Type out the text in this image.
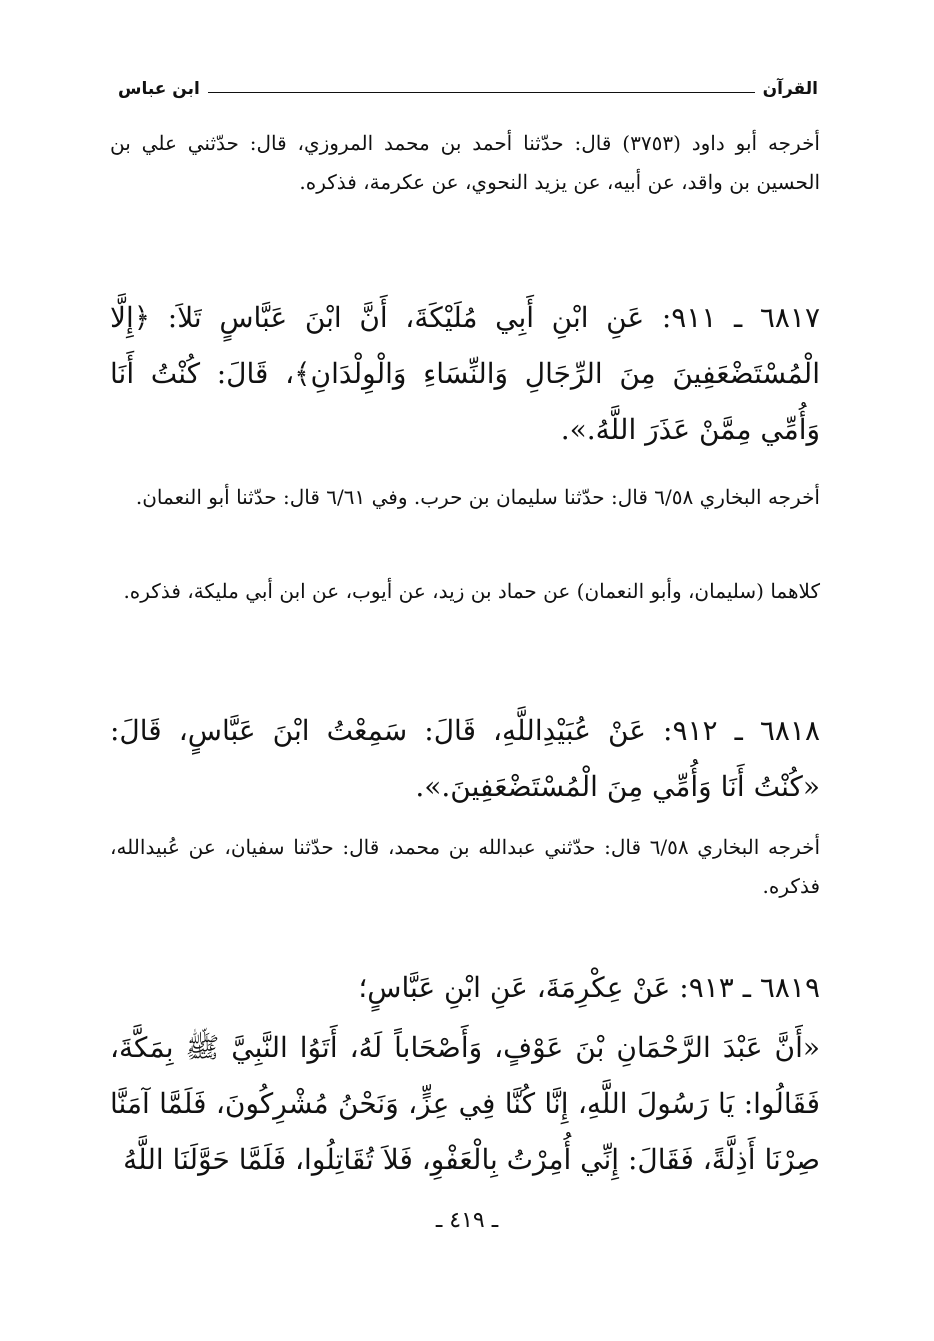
القرآن
ابن عباس
أخرجه أبو داود (٣٧٥٣) قال: حدّثنا أحمد بن محمد المروزي، قال: حدّثني علي بن الحسين بن واقد، عن أبيه، عن يزيد النحوي، عن عكرمة، فذكره.
٦٨١٧ ـ ٩١١: عَنِ ابْنِ أَبِي مُلَيْكَةَ، أَنَّ ابْنَ عَبَّاسٍ تَلاَ: ﴿إِلَّا الْمُسْتَضْعَفِينَ مِنَ الرِّجَالِ وَالنِّسَاءِ وَالْوِلْدَانِ﴾، قَالَ: كُنْتُ أَنَا وَأُمِّي مِمَّنْ عَذَرَ اللَّهُ.».
أخرجه البخاري ٦/٥٨ قال: حدّثنا سليمان بن حرب. وفي ٦/٦١ قال: حدّثنا أبو النعمان.
كلاهما (سليمان، وأبو النعمان) عن حماد بن زيد، عن أيوب، عن ابن أبي مليكة، فذكره.
٦٨١٨ ـ ٩١٢: عَنْ عُبَيْدِاللَّهِ، قَالَ: سَمِعْتُ ابْنَ عَبَّاسٍ، قَالَ: «كُنْتُ أَنَا وَأُمِّي مِنَ الْمُسْتَضْعَفِينَ.».
أخرجه البخاري ٦/٥٨ قال: حدّثني عبدالله بن محمد، قال: حدّثنا سفيان، عن عُبيدالله، فذكره.
٦٨١٩ ـ ٩١٣: عَنْ عِكْرِمَةَ، عَنِ ابْنِ عَبَّاسٍ؛
«أَنَّ عَبْدَ الرَّحْمَانِ بْنَ عَوْفٍ، وَأَصْحَاباً لَهُ، أَتَوُا النَّبِيَّ ﷺ بِمَكَّةَ، فَقَالُوا: يَا رَسُولَ اللَّهِ، إِنَّا كُنَّا فِي عِزٍّ، وَنَحْنُ مُشْرِكُونَ، فَلَمَّا آمَنَّا صِرْنَا أَذِلَّةً، فَقَالَ: إِنِّي أُمِرْتُ بِالْعَفْوِ، فَلاَ تُقَاتِلُوا، فَلَمَّا حَوَّلَنَا اللَّهُ
ـ ٤١٩ ـ
